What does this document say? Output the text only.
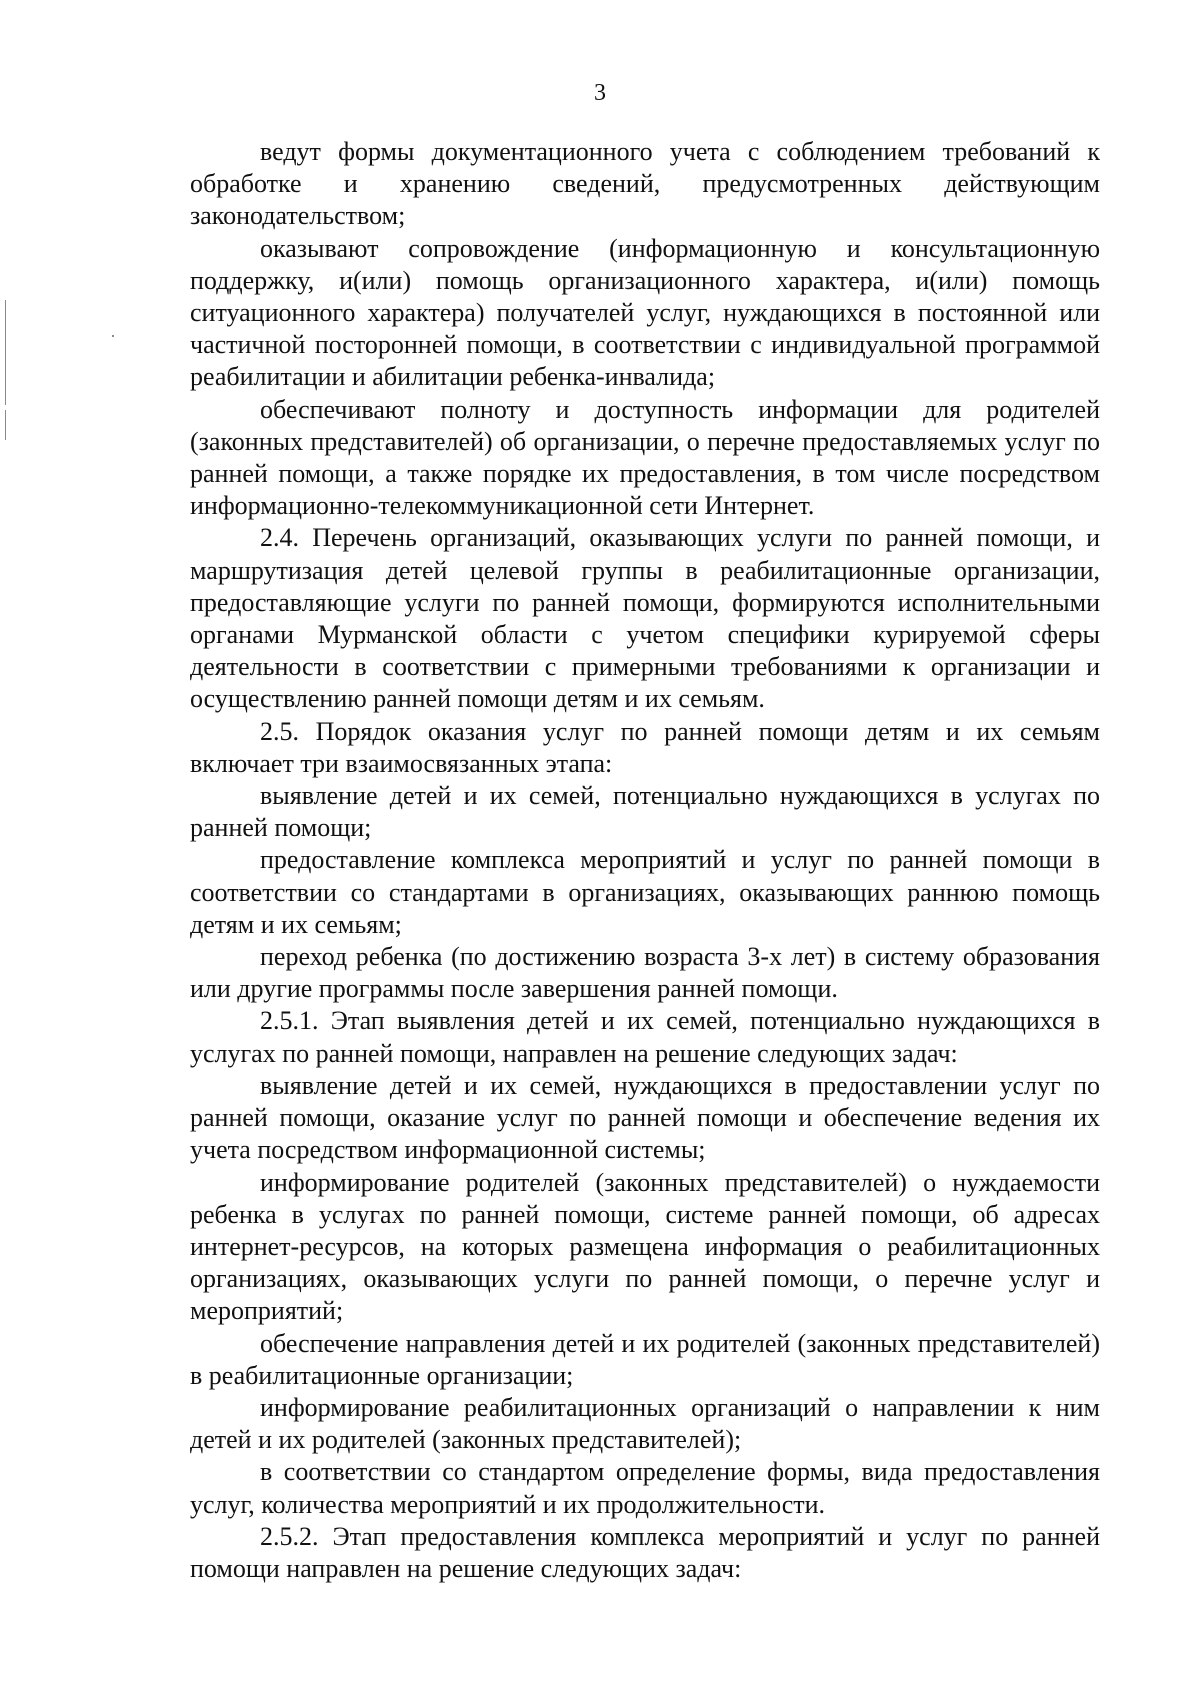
3

ведут формы документационного учета с соблюдением требований к обработке и хранению сведений, предусмотренных действующим законодательством;

оказывают сопровождение (информационную и консультационную поддержку, и(или) помощь организационного характера, и(или) помощь ситуационного характера) получателей услуг, нуждающихся в постоянной или частичной посторонней помощи, в соответствии с индивидуальной программой реабилитации и абилитации ребенка-инвалида;

обеспечивают полноту и доступность информации для родителей (законных представителей) об организации, о перечне предоставляемых услуг по ранней помощи, а также порядке их предоставления, в том числе посредством информационно-телекоммуникационной сети Интернет.

2.4. Перечень организаций, оказывающих услуги по ранней помощи, и маршрутизация детей целевой группы в реабилитационные организации, предоставляющие услуги по ранней помощи, формируются исполнительными органами Мурманской области с учетом специфики курируемой сферы деятельности в соответствии с примерными требованиями к организации и осуществлению ранней помощи детям и их семьям.

2.5. Порядок оказания услуг по ранней помощи детям и их семьям включает три взаимосвязанных этапа:

выявление детей и их семей, потенциально нуждающихся в услугах по ранней помощи;

предоставление комплекса мероприятий и услуг по ранней помощи в соответствии со стандартами в организациях, оказывающих раннюю помощь детям и их семьям;

переход ребенка (по достижению возраста 3-х лет) в систему образования или другие программы после завершения ранней помощи.

2.5.1. Этап выявления детей и их семей, потенциально нуждающихся в услугах по ранней помощи, направлен на решение следующих задач:

выявление детей и их семей, нуждающихся в предоставлении услуг по ранней помощи, оказание услуг по ранней помощи и обеспечение ведения их учета посредством информационной системы;

информирование родителей (законных представителей) о нуждаемости ребенка в услугах по ранней помощи, системе ранней помощи, об адресах интернет-ресурсов, на которых размещена информация о реабилитационных организациях, оказывающих услуги по ранней помощи, о перечне услуг и мероприятий;

обеспечение направления детей и их родителей (законных представителей) в реабилитационные организации;

информирование реабилитационных организаций о направлении к ним детей и их родителей (законных представителей);

в соответствии со стандартом определение формы, вида предоставления услуг, количества мероприятий и их продолжительности.

2.5.2. Этап предоставления комплекса мероприятий и услуг по ранней помощи направлен на решение следующих задач:
